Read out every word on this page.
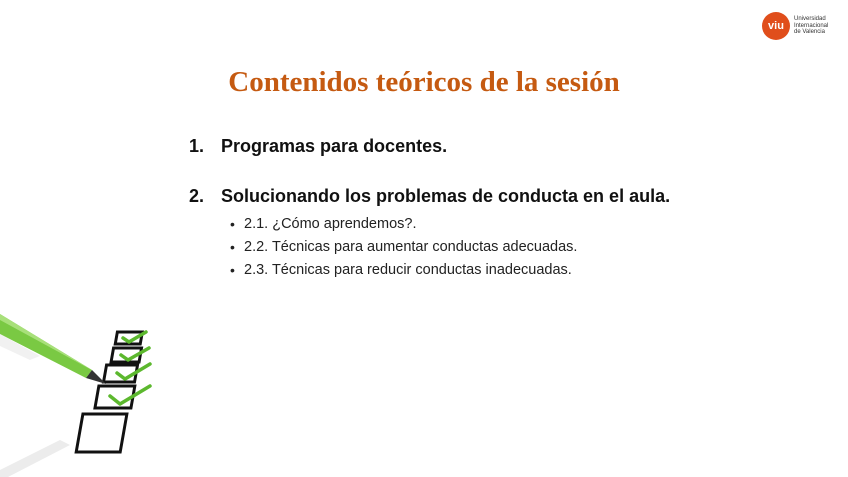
viu
Universidad
Internacional
de Valencia
Contenidos teóricos de la sesión
1. Programas para docentes.
2. Solucionando los problemas de conducta en el aula.
• 2.1. ¿Cómo aprendemos?.
• 2.2. Técnicas para aumentar conductas adecuadas.
• 2.3. Técnicas para reducir conductas inadecuadas.
